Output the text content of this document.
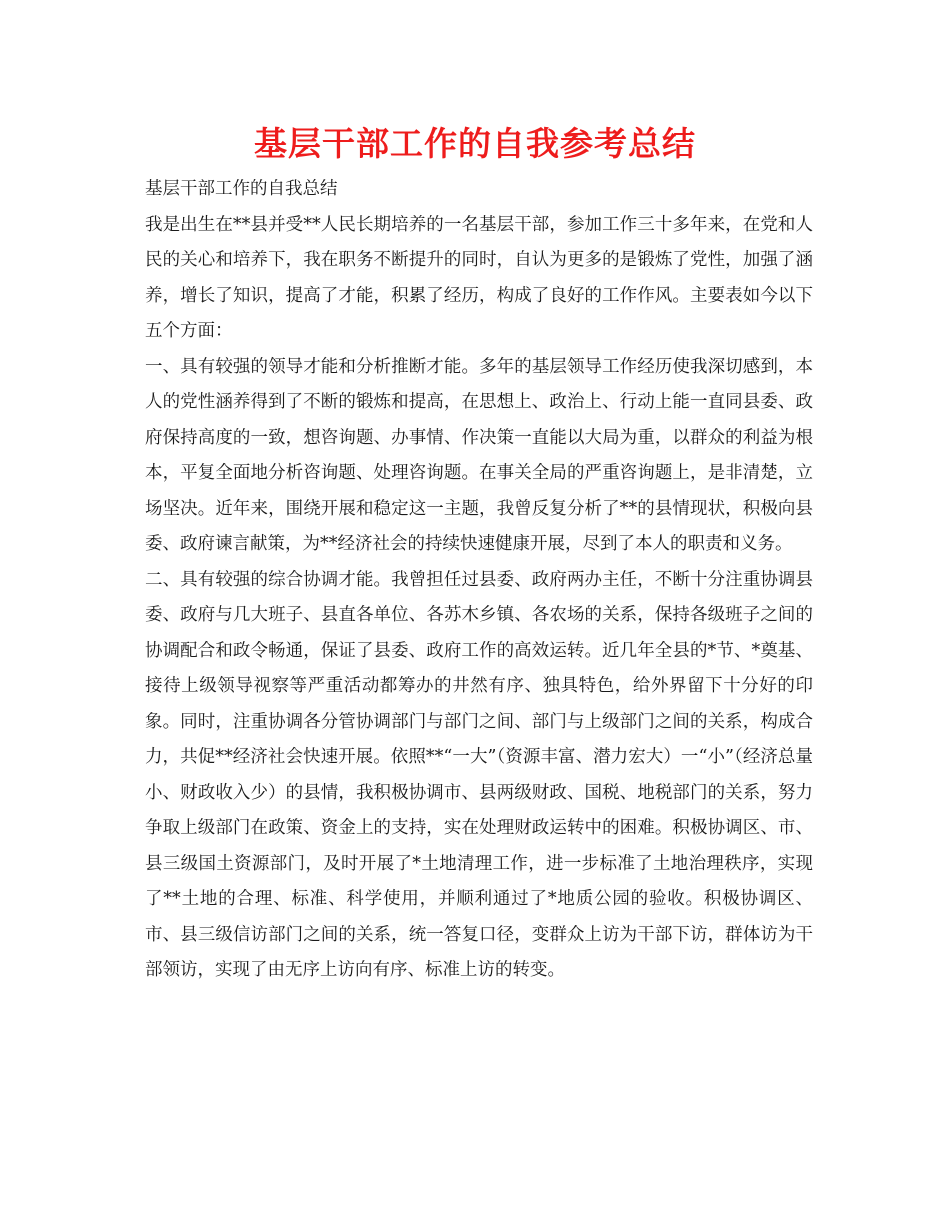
基层干部工作的自我参考总结

基层干部工作的自我总结

我是出生在**县并受**人民长期培养的一名基层干部，参加工作三十多年来，在党和人民的关心和培养下，我在职务不断提升的同时，自认为更多的是锻炼了党性，加强了涵养，增长了知识，提高了才能，积累了经历，构成了良好的工作作风。主要表如今以下五个方面：

一、具有较强的领导才能和分析推断才能。多年的基层领导工作经历使我深切感到，本人的党性涵养得到了不断的锻炼和提高，在思想上、政治上、行动上能一直同县委、政府保持高度的一致，想咨询题、办事情、作决策一直能以大局为重，以群众的利益为根本，平复全面地分析咨询题、处理咨询题。在事关全局的严重咨询题上，是非清楚，立场坚决。近年来，围绕开展和稳定这一主题，我曾反复分析了**的县情现状，积极向县委、政府谏言献策，为**经济社会的持续快速健康开展，尽到了本人的职责和义务。

二、具有较强的综合协调才能。我曾担任过县委、政府两办主任，不断十分注重协调县委、政府与几大班子、县直各单位、各苏木乡镇、各农场的关系，保持各级班子之间的协调配合和政令畅通，保证了县委、政府工作的高效运转。近几年全县的*节、*奠基、接待上级领导视察等严重活动都筹办的井然有序、独具特色，给外界留下十分好的印象。同时，注重协调各分管协调部门与部门之间、部门与上级部门之间的关系，构成合力，共促**经济社会快速开展。依照**“一大”（资源丰富、潜力宏大）一“小”（经济总量小、财政收入少）的县情，我积极协调市、县两级财政、国税、地税部门的关系，努力争取上级部门在政策、资金上的支持，实在处理财政运转中的困难。积极协调区、市、县三级国土资源部门，及时开展了*土地清理工作，进一步标准了土地治理秩序，实现了**土地的合理、标准、科学使用，并顺利通过了*地质公园的验收。积极协调区、市、县三级信访部门之间的关系，统一答复口径，变群众上访为干部下访，群体访为干部领访，实现了由无序上访向有序、标准上访的转变。
